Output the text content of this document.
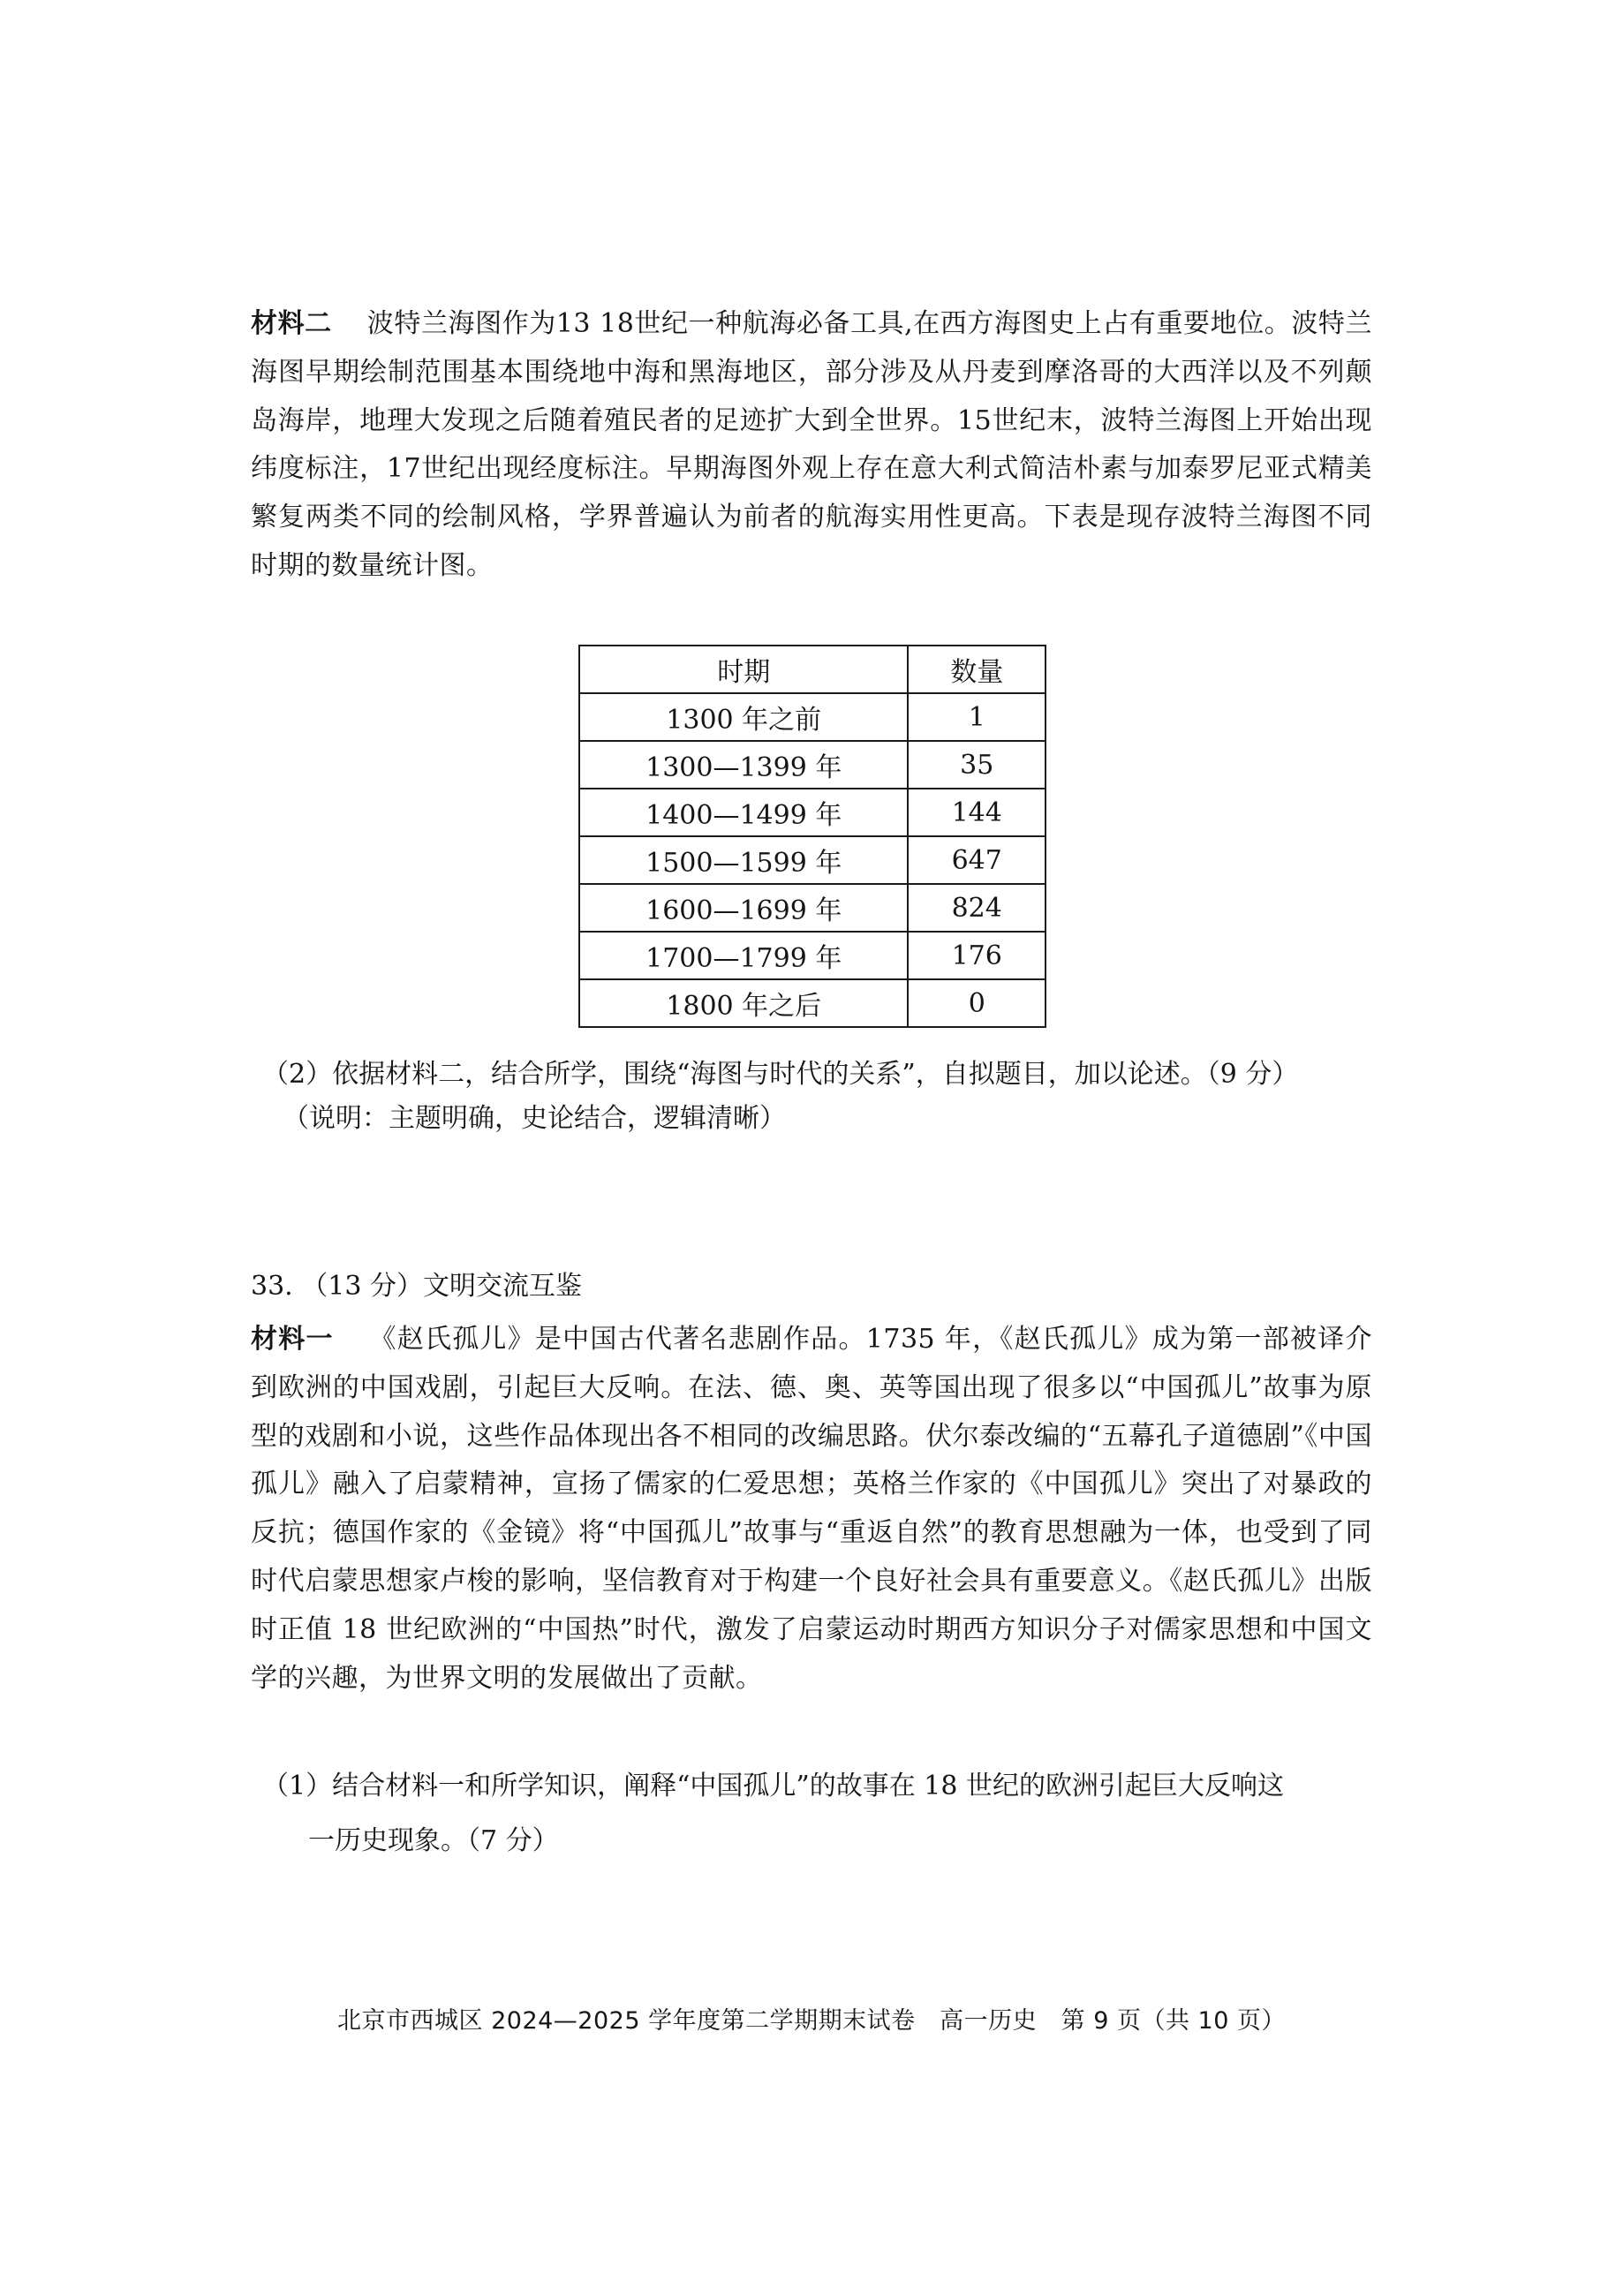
材料二 波特兰海图作为13 18世纪一种航海必备工具,在西方海图史上占有重要地位。波特兰海图早期绘制范围基本围绕地中海和黑海地区，部分涉及从丹麦到摩洛哥的大西洋以及不列颠岛海岸，地理大发现之后随着殖民者的足迹扩大到全世界。15世纪末，波特兰海图上开始出现纬度标注，17世纪出现经度标注。早期海图外观上存在意大利式简洁朴素与加泰罗尼亚式精美繁复两类不同的绘制风格，学界普遍认为前者的航海实用性更高。下表是现存波特兰海图不同时期的数量统计图。
时期	数量
1300 年之前	1
1300—1399 年	35
1400—1499 年	144
1500—1599 年	647
1600—1699 年	824
1700—1799 年	176
1800 年之后	0
（2）依据材料二，结合所学，围绕“海图与时代的关系”，自拟题目，加以论述。（9 分）
（说明：主题明确，史论结合，逻辑清晰）
33. （13 分）文明交流互鉴
材料一 《赵氏孤儿》是中国古代著名悲剧作品。1735 年，《赵氏孤儿》成为第一部被译介到欧洲的中国戏剧，引起巨大反响。在法、德、奥、英等国出现了很多以“中国孤儿”故事为原型的戏剧和小说，这些作品体现出各不相同的改编思路。伏尔泰改编的“五幕孔子道德剧”《中国孤儿》融入了启蒙精神，宣扬了儒家的仁爱思想；英格兰作家的《中国孤儿》突出了对暴政的反抗；德国作家的《金镜》将“中国孤儿”故事与“重返自然”的教育思想融为一体，也受到了同时代启蒙思想家卢梭的影响，坚信教育对于构建一个良好社会具有重要意义。《赵氏孤儿》出版时正值 18 世纪欧洲的“中国热”时代，激发了启蒙运动时期西方知识分子对儒家思想和中国文学的兴趣，为世界文明的发展做出了贡献。
（1）结合材料一和所学知识，阐释“中国孤儿”的故事在 18 世纪的欧洲引起巨大反响这
一历史现象。（7 分）
北京市西城区 2024—2025 学年度第二学期期末试卷　高一历史　第 9 页（共 10 页）
